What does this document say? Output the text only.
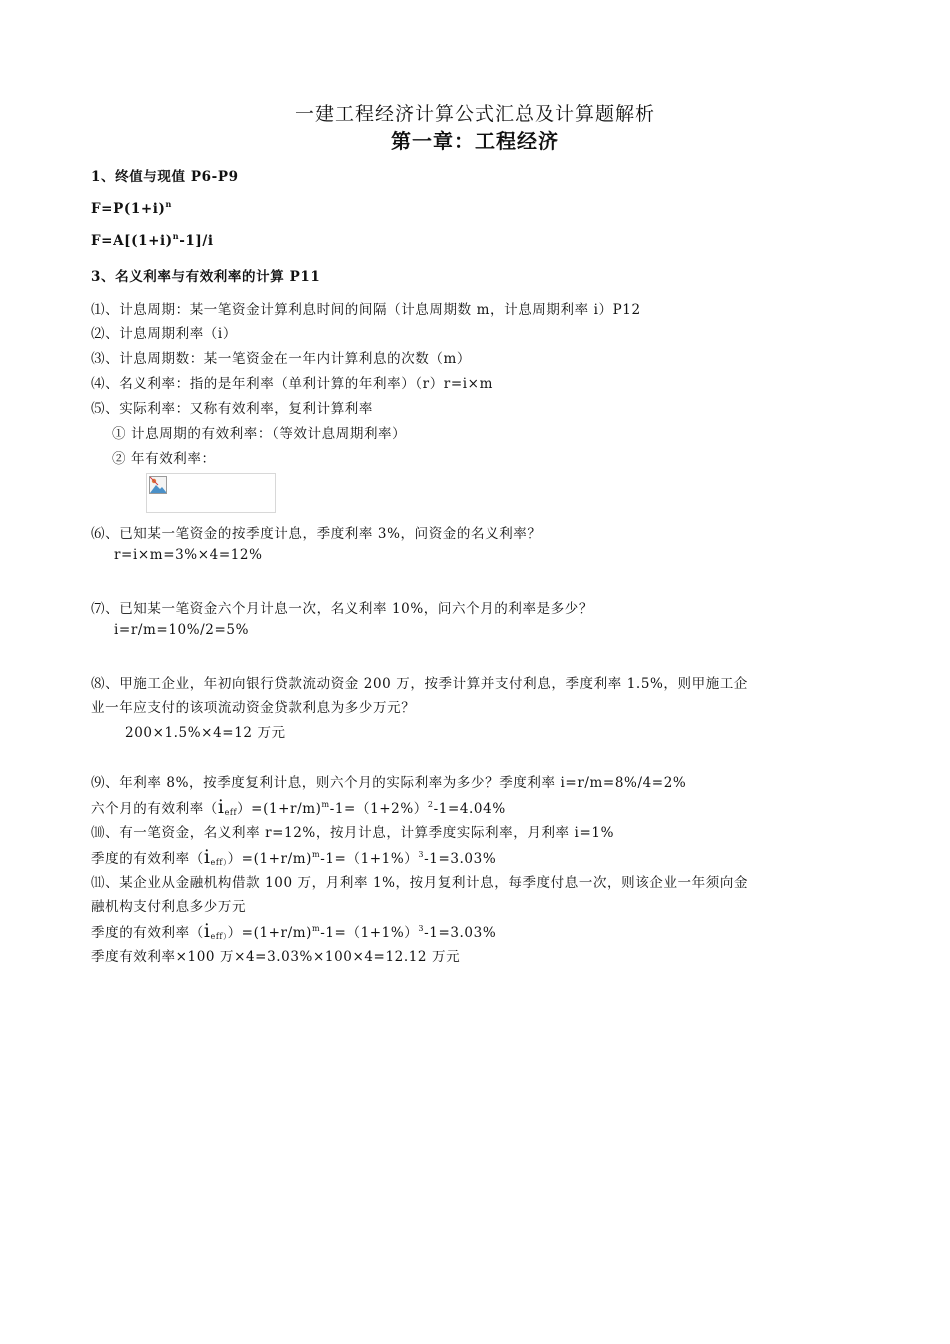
一建工程经济计算公式汇总及计算题解析
第一章：工程经济
1、终值与现值 P6-P9
$F=P(1+i)^n$
$F=A[(1+i)^n-1]/i$
3、名义利率与有效利率的计算 P11
⑴、计息周期：某一笔资金计算利息时间的间隔（计息周期数 m，计息周期利率 i）P12
⑵、计息周期利率（i）
⑶、计息周期数：某一笔资金在一年内计算利息的次数（m）
⑷、名义利率：指的是年利率（单利计算的年利率）（r）r=i×m
⑸、实际利率：又称有效利率，复利计算利率
① 计息周期的有效利率：（等效计息周期利率）
② 年有效利率：
⑹、已知某一笔资金的按季度计息，季度利率 3%，问资金的名义利率？
r=i×m=3%×4=12%
⑺、已知某一笔资金六个月计息一次，名义利率 10%，问六个月的利率是多少？
i=r/m=10%/2=5%
⑻、甲施工企业，年初向银行贷款流动资金 200 万，按季计算并支付利息，季度利率 1.5%，则甲施工企
业一年应支付的该项流动资金贷款利息为多少万元？
200×1.5%×4=12 万元
⑼、年利率 8%，按季度复利计息，则六个月的实际利率为多少？季度利率 i=r/m=8%/4=2%
六个月的有效利率$(i_{eff})=(1+r/m)^m-1=(1+2\%)^2-1=4.04\%$
⑽、有一笔资金，名义利率 r=12%，按月计息，计算季度实际利率，月利率 i=1%
季度的有效利率$(i_{eff)})=(1+r/m)^m-1=(1+1\%)^3-1=3.03\%$
⑾、某企业从金融机构借款 100 万，月利率 1%，按月复利计息，每季度付息一次，则该企业一年须向金
融机构支付利息多少万元
季度的有效利率$(i_{eff)})=(1+r/m)^m-1=(1+1\%)^3-1=3.03\%$
季度有效利率×100 万×4=3.03%×100×4=12.12 万元
